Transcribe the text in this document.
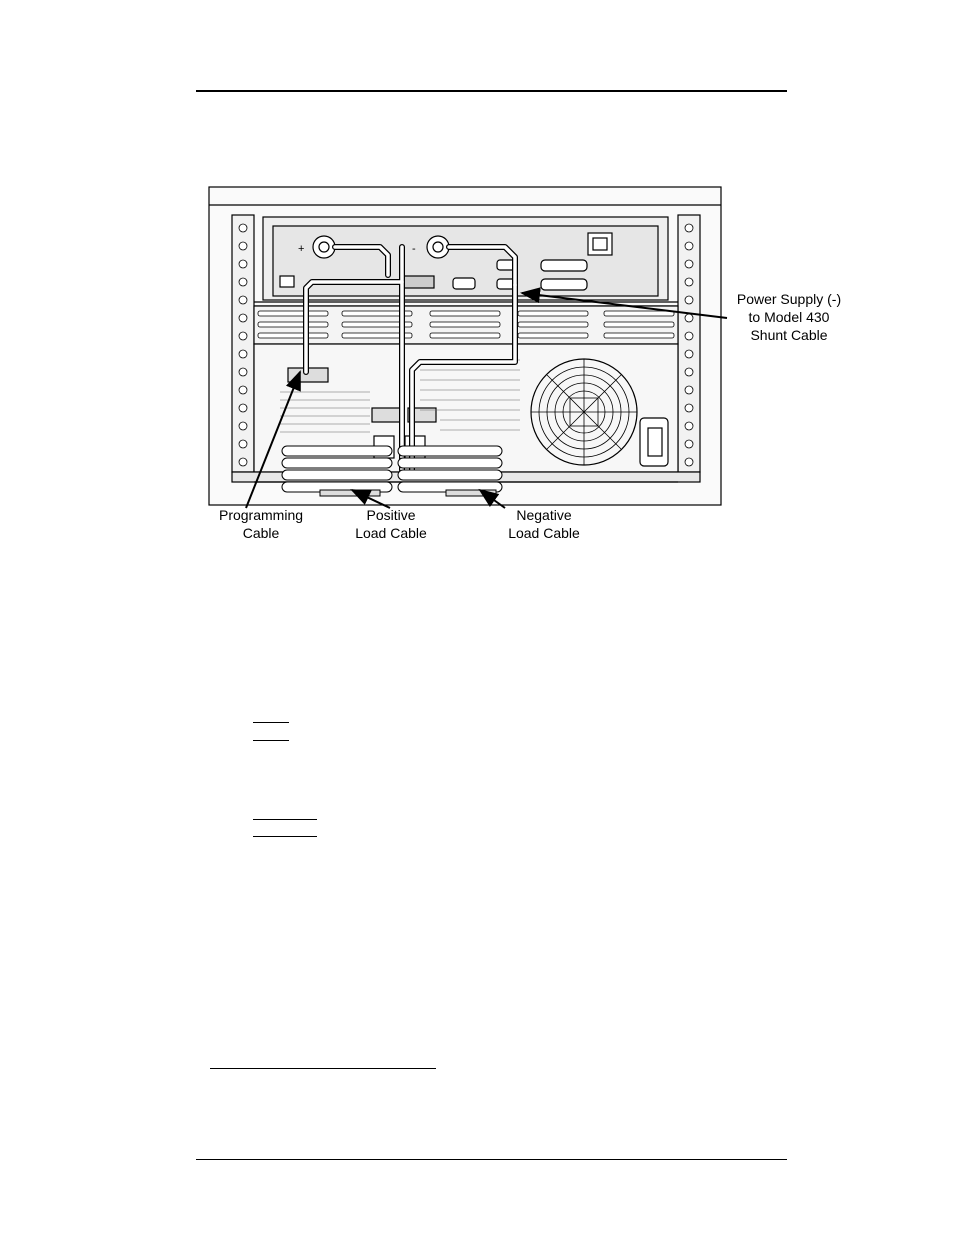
+	-
Power Supply (-)
to Model 430
Shunt Cable
Programming
Cable
Positive
Load Cable
Negative
Load Cable
